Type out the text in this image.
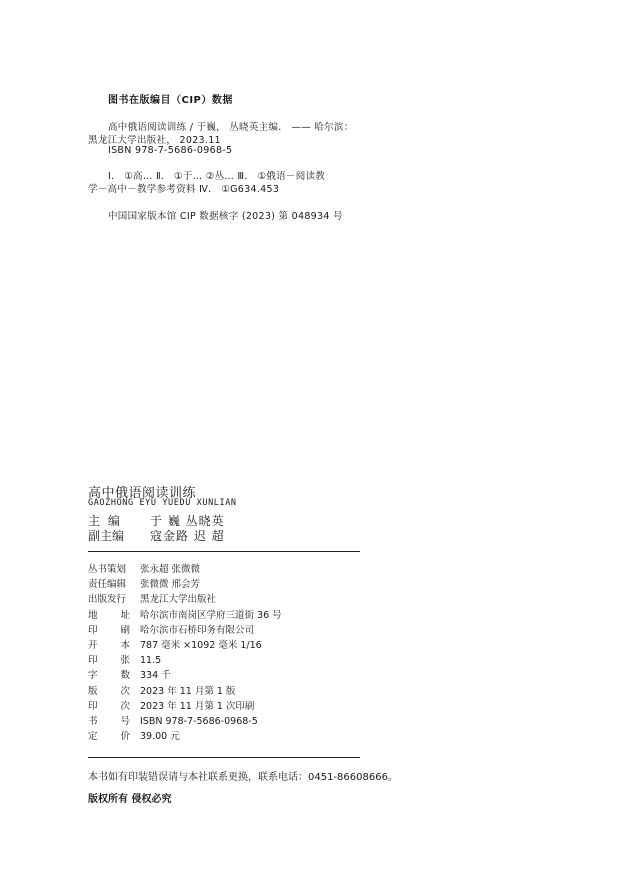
图书在版编目（CIP）数据
高中俄语阅读训练 / 于巍， 丛晓英主编． —— 哈尔滨：
黑龙江大学出版社， 2023.11
ISBN 978-7-5686-0968-5
Ⅰ． ①高… Ⅱ． ①于… ②丛… Ⅲ． ①俄语－阅读教
学－高中－教学参考资料 Ⅳ． ①G634.453
中国国家版本馆 CIP 数据核字 (2023) 第 048934 号
高中俄语阅读训练
GAOZHONG EYU YUEDU XUNLIAN
主 编 于 巍 丛晓英
副主编 寇金路 迟 超
丛书策划 张永超 张微微
责任编辑 张微微 邢会芳
出版发行 黑龙江大学出版社
地 址 哈尔滨市南岗区学府三道街 36 号
印 刷 哈尔滨市石桥印务有限公司
开 本 787 毫米 ×1092 毫米 1/16
印 张 11.5
字 数 334 千
版 次 2023 年 11 月第 1 版
印 次 2023 年 11 月第 1 次印刷
书 号 ISBN 978-7-5686-0968-5
定 价 39.00 元
本书如有印装错误请与本社联系更换，联系电话：0451-86608666。
版权所有 侵权必究
